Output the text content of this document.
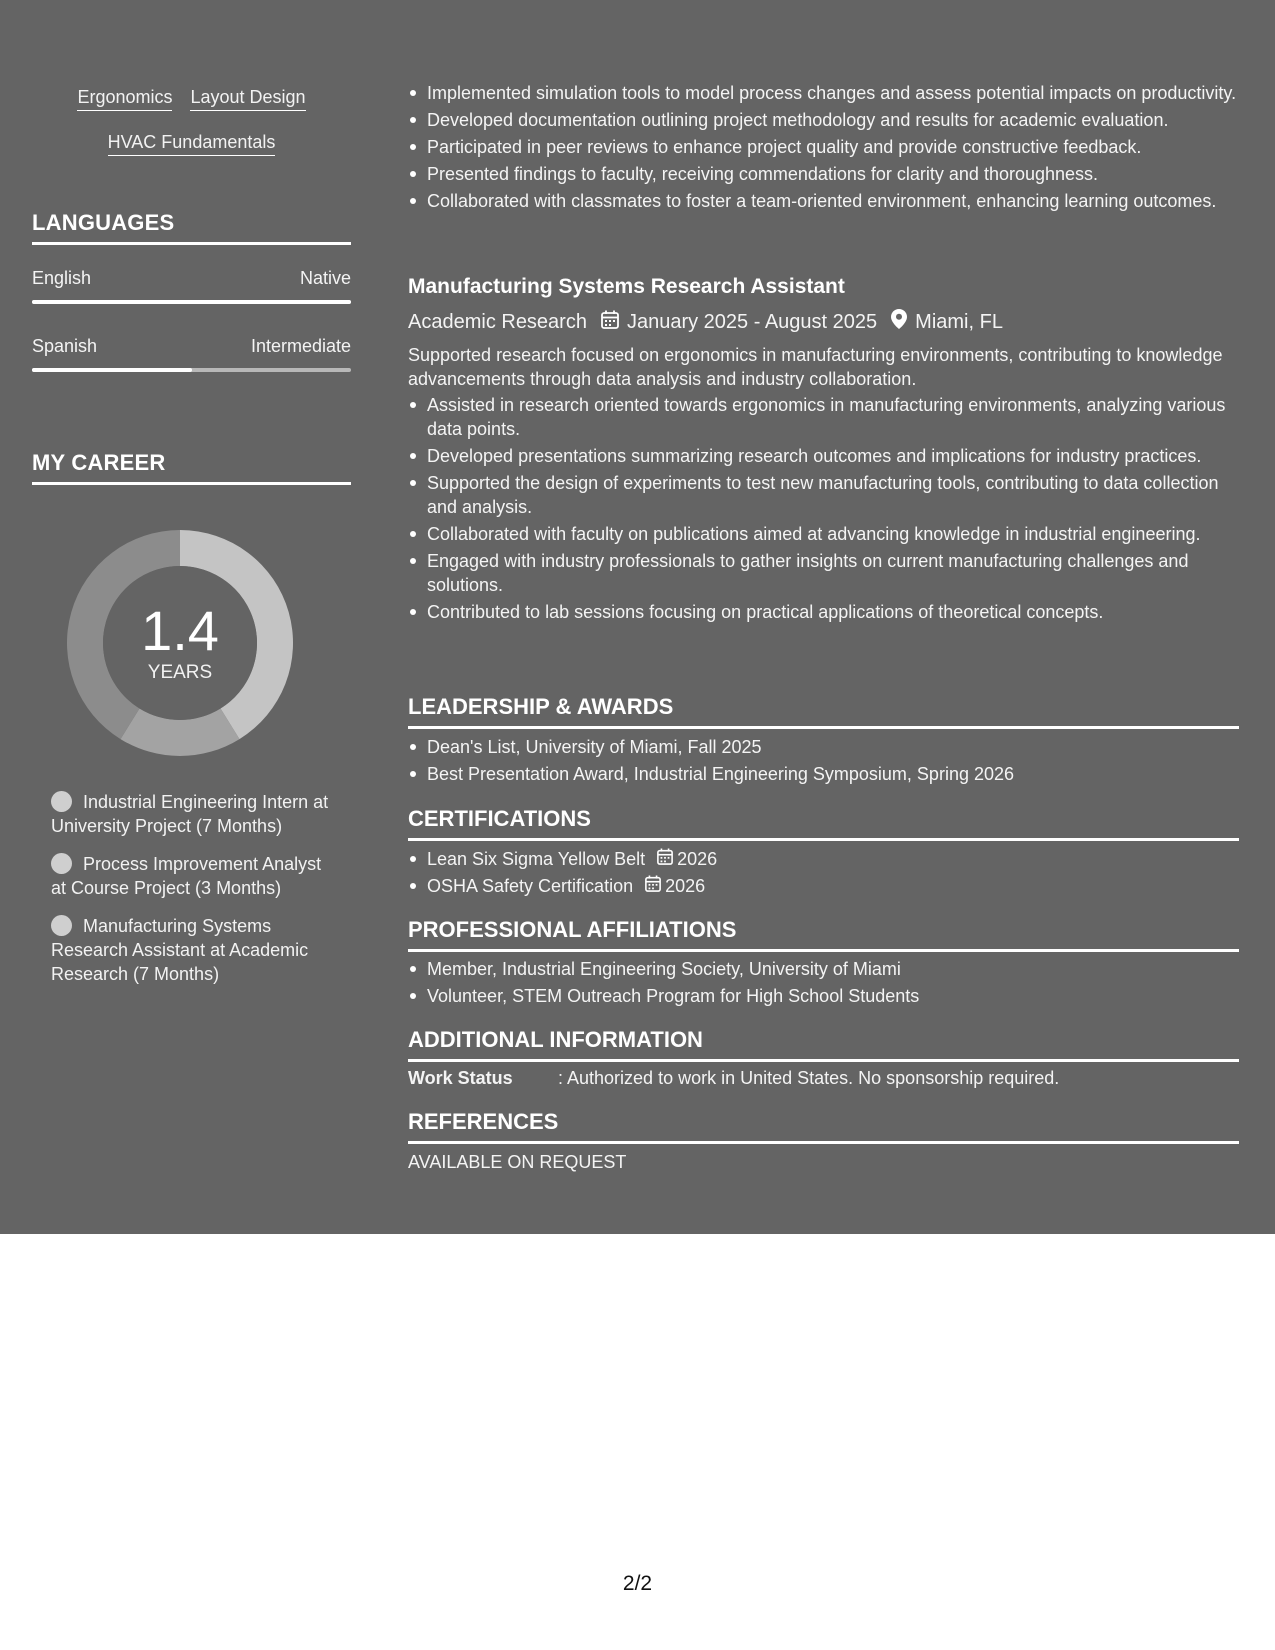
Ergonomics Layout Design
HVAC Fundamentals
LANGUAGES
English	Native
Spanish	Intermediate
MY CAREER
1.4
YEARS
Industrial Engineering Intern at University Project (7 Months)
Process Improvement Analyst at Course Project (3 Months)
Manufacturing Systems Research Assistant at Academic Research (7 Months)
Implemented simulation tools to model process changes and assess potential impacts on productivity.
Developed documentation outlining project methodology and results for academic evaluation.
Participated in peer reviews to enhance project quality and provide constructive feedback.
Presented findings to faculty, receiving commendations for clarity and thoroughness.
Collaborated with classmates to foster a team-oriented environment, enhancing learning outcomes.
Manufacturing Systems Research Assistant
Academic Research January 2025 - August 2025 Miami, FL
Supported research focused on ergonomics in manufacturing environments, contributing to knowledge advancements through data analysis and industry collaboration.
Assisted in research oriented towards ergonomics in manufacturing environments, analyzing various data points.
Developed presentations summarizing research outcomes and implications for industry practices.
Supported the design of experiments to test new manufacturing tools, contributing to data collection and analysis.
Collaborated with faculty on publications aimed at advancing knowledge in industrial engineering.
Engaged with industry professionals to gather insights on current manufacturing challenges and solutions.
Contributed to lab sessions focusing on practical applications of theoretical concepts.
LEADERSHIP & AWARDS
Dean's List, University of Miami, Fall 2025
Best Presentation Award, Industrial Engineering Symposium, Spring 2026
CERTIFICATIONS
Lean Six Sigma Yellow Belt 2026
OSHA Safety Certification 2026
PROFESSIONAL AFFILIATIONS
Member, Industrial Engineering Society, University of Miami
Volunteer, STEM Outreach Program for High School Students
ADDITIONAL INFORMATION
Work Status	: Authorized to work in United States. No sponsorship required.
REFERENCES
AVAILABLE ON REQUEST
2/2
